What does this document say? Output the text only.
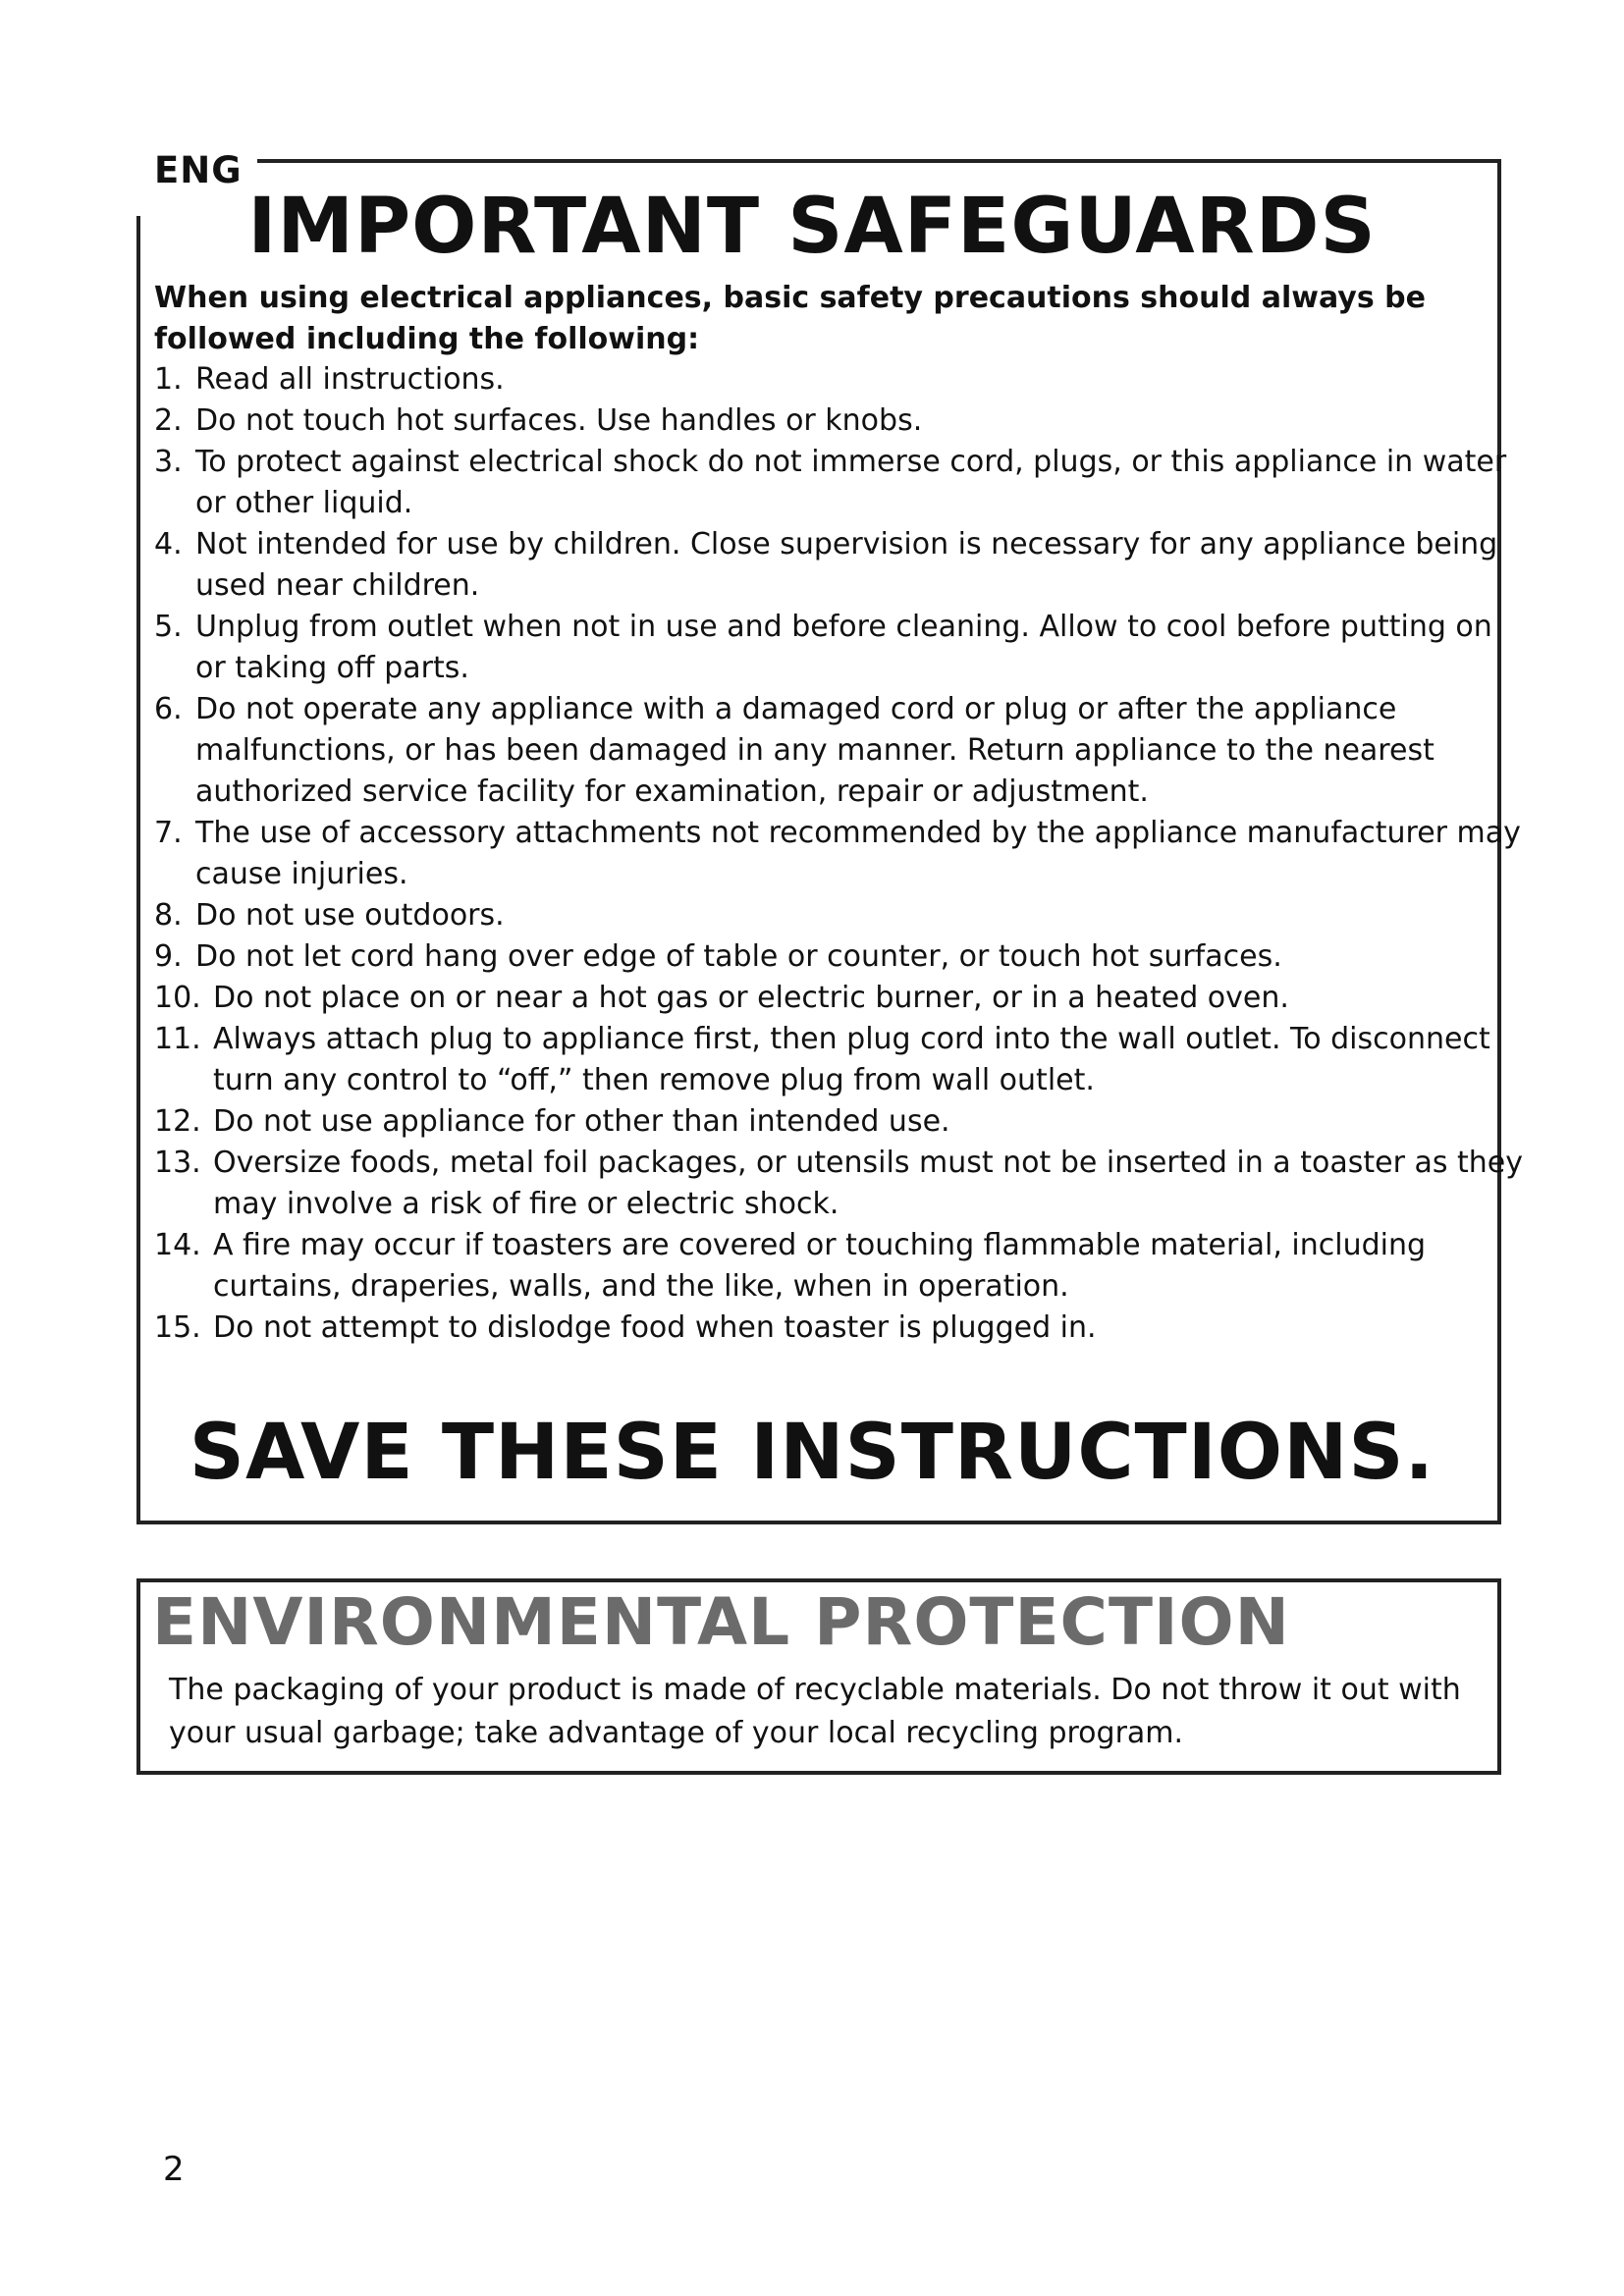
ENG
IMPORTANT SAFEGUARDS
When using electrical appliances, basic safety precautions should always be followed including the following:
1. Read all instructions.
2. Do not touch hot surfaces. Use handles or knobs.
3. To protect against electrical shock do not immerse cord, plugs, or this appliance in water or other liquid.
4. Not intended for use by children. Close supervision is necessary for any appliance being used near children.
5. Unplug from outlet when not in use and before cleaning. Allow to cool before putting on or taking off parts.
6. Do not operate any appliance with a damaged cord or plug or after the appliance malfunctions, or has been damaged in any manner. Return appliance to the nearest authorized service facility for examination, repair or adjustment.
7. The use of accessory attachments not recommended by the appliance manufacturer may cause injuries.
8. Do not use outdoors.
9. Do not let cord hang over edge of table or counter, or touch hot surfaces.
10. Do not place on or near a hot gas or electric burner, or in a heated oven.
11. Always attach plug to appliance first, then plug cord into the wall outlet. To disconnect turn any control to “off,” then remove plug from wall outlet.
12. Do not use appliance for other than intended use.
13. Oversize foods, metal foil packages, or utensils must not be inserted in a toaster as they may involve a risk of fire or electric shock.
14. A fire may occur if toasters are covered or touching flammable material, including curtains, draperies, walls, and the like, when in operation.
15. Do not attempt to dislodge food when toaster is plugged in.
SAVE THESE INSTRUCTIONS.
ENVIRONMENTAL PROTECTION
The packaging of your product is made of recyclable materials. Do not throw it out with your usual garbage; take advantage of your local recycling program.
2
